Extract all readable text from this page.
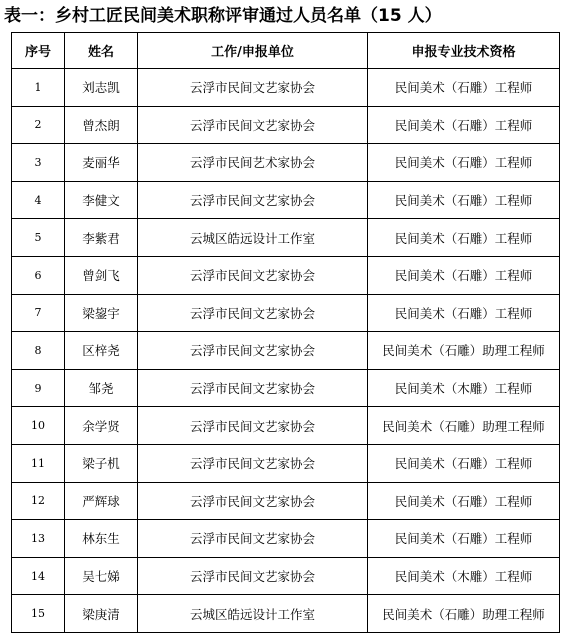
表一：乡村工匠民间美术职称评审通过人员名单（15 人）
序号	姓名	工作/申报单位	申报专业技术资格
1	刘志凯	云浮市民间文艺家协会	民间美术（石雕）工程师
2	曾杰朗	云浮市民间文艺家协会	民间美术（石雕）工程师
3	麦丽华	云浮市民间艺术家协会	民间美术（石雕）工程师
4	李健文	云浮市民间文艺家协会	民间美术（石雕）工程师
5	李紫君	云城区皓远设计工作室	民间美术（石雕）工程师
6	曾剑飞	云浮市民间文艺家协会	民间美术（石雕）工程师
7	梁鋆宇	云浮市民间文艺家协会	民间美术（石雕）工程师
8	区梓尧	云浮市民间文艺家协会	民间美术（石雕）助理工程师
9	邹尧	云浮市民间文艺家协会	民间美术（木雕）工程师
10	余学贤	云浮市民间文艺家协会	民间美术（石雕）助理工程师
11	梁子机	云浮市民间文艺家协会	民间美术（石雕）工程师
12	严辉球	云浮市民间文艺家协会	民间美术（石雕）工程师
13	林东生	云浮市民间文艺家协会	民间美术（石雕）工程师
14	吴七娣	云浮市民间文艺家协会	民间美术（木雕）工程师
15	梁庚清	云城区皓远设计工作室	民间美术（石雕）助理工程师
